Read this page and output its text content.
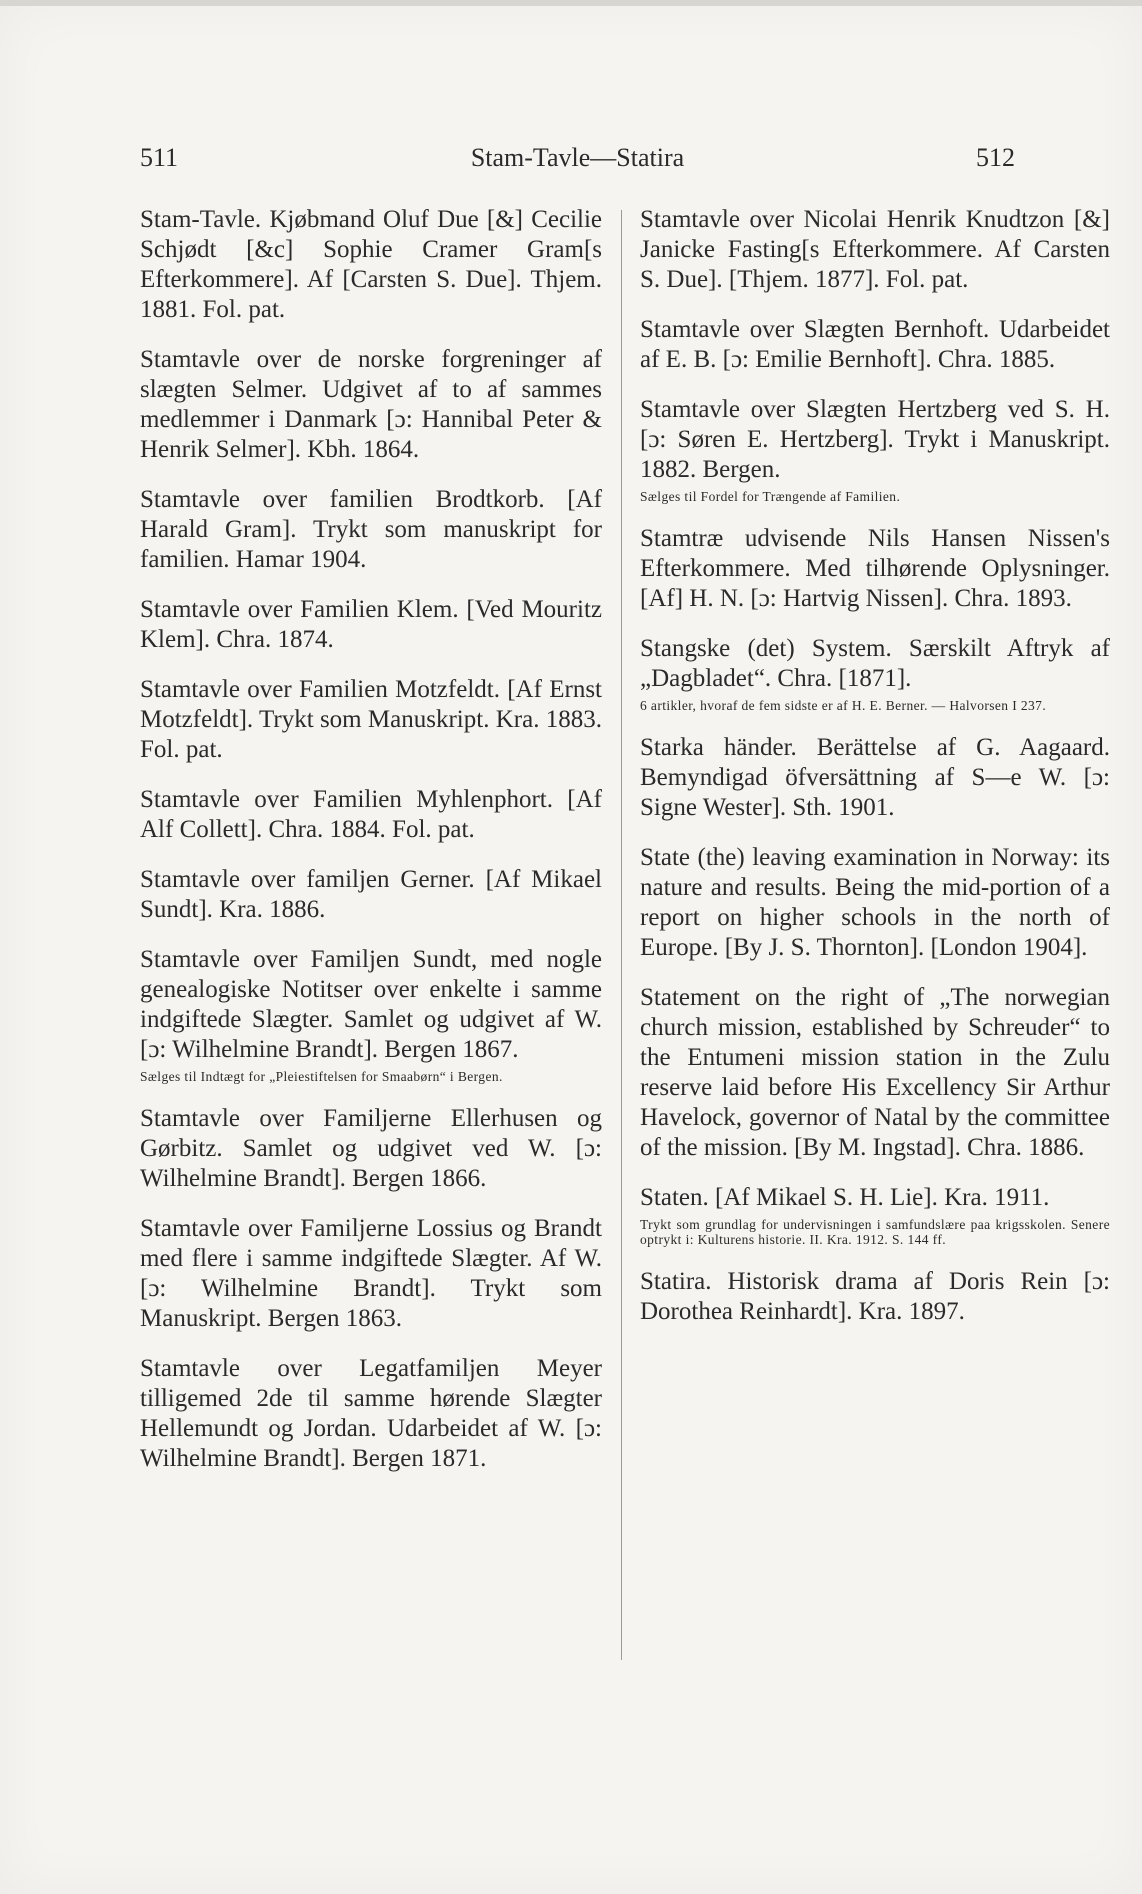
511	Stam-Tavle—Statira	512

Stam-Tavle. Kjøbmand Oluf Due [&] Cecilie Schjødt [&c] Sophie Cramer Gram[s Efterkommere]. Af [Carsten S. Due]. Thjem. 1881. Fol. pat.

Stamtavle over de norske forgreninger af slægten Selmer. Udgivet af to af sammes medlemmer i Danmark [ɔ: Hannibal Peter & Henrik Selmer]. Kbh. 1864.

Stamtavle over familien Brodtkorb. [Af Harald Gram]. Trykt som manuskript for familien. Hamar 1904.

Stamtavle over Familien Klem. [Ved Mouritz Klem]. Chra. 1874.

Stamtavle over Familien Motzfeldt. [Af Ernst Motzfeldt]. Trykt som Manuskript. Kra. 1883. Fol. pat.

Stamtavle over Familien Myhlenphort. [Af Alf Collett]. Chra. 1884. Fol. pat.

Stamtavle over familjen Gerner. [Af Mikael Sundt]. Kra. 1886.

Stamtavle over Familjen Sundt, med nogle genealogiske Notitser over enkelte i samme indgiftede Slægter. Samlet og udgivet af W. [ɔ: Wilhelmine Brandt]. Bergen 1867.

Sælges til Indtægt for „Pleiestiftelsen for Smaabørn“ i Bergen.

Stamtavle over Familjerne Ellerhusen og Gørbitz. Samlet og udgivet ved W. [ɔ: Wilhelmine Brandt]. Bergen 1866.

Stamtavle over Familjerne Lossius og Brandt med flere i samme indgiftede Slægter. Af W. [ɔ: Wilhelmine Brandt]. Trykt som Manuskript. Bergen 1863.

Stamtavle over Legatfamiljen Meyer tilligemed 2de til samme hørende Slægter Hellemundt og Jordan. Udarbeidet af W. [ɔ: Wilhelmine Brandt]. Bergen 1871.

Stamtavle over Nicolai Henrik Knudtzon [&] Janicke Fasting[s Efterkommere. Af Carsten S. Due]. [Thjem. 1877]. Fol. pat.

Stamtavle over Slægten Bernhoft. Udarbeidet af E. B. [ɔ: Emilie Bernhoft]. Chra. 1885.

Stamtavle over Slægten Hertzberg ved S. H. [ɔ: Søren E. Hertzberg]. Trykt i Manuskript. 1882. Bergen.

Sælges til Fordel for Trængende af Familien.

Stamtræ udvisende Nils Hansen Nissen's Efterkommere. Med tilhørende Oplysninger. [Af] H. N. [ɔ: Hartvig Nissen]. Chra. 1893.

Stangske (det) System. Særskilt Aftryk af „Dagbladet“. Chra. [1871].

6 artikler, hvoraf de fem sidste er af H. E. Berner. — Halvorsen I 237.

Starka händer. Berättelse af G. Aagaard. Bemyndigad öfversättning af S—e W. [ɔ: Signe Wester]. Sth. 1901.

State (the) leaving examination in Norway: its nature and results. Being the mid-portion of a report on higher schools in the north of Europe. [By J. S. Thornton]. [London 1904].

Statement on the right of „The norwegian church mission, established by Schreuder“ to the Entumeni mission station in the Zulu reserve laid before His Excellency Sir Arthur Havelock, governor of Natal by the committee of the mission. [By M. Ingstad]. Chra. 1886.

Staten. [Af Mikael S. H. Lie]. Kra. 1911.

Trykt som grundlag for undervisningen i samfundslære paa krigsskolen. Senere optrykt i: Kulturens historie. II. Kra. 1912. S. 144 ff.

Statira. Historisk drama af Doris Rein [ɔ: Dorothea Reinhardt]. Kra. 1897.
